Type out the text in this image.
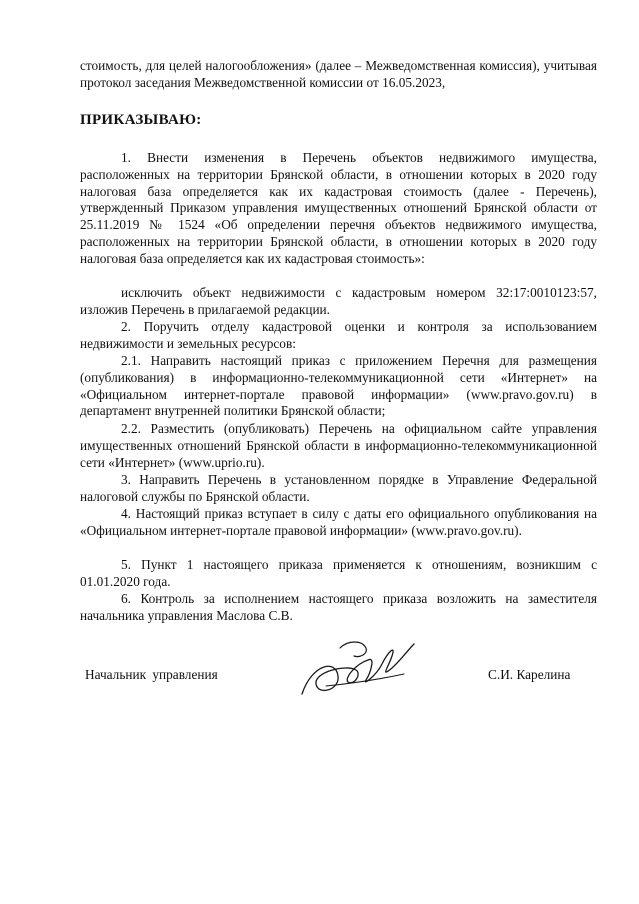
стоимость, для целей налогообложения» (далее – Межведомственная комиссия), учитывая протокол заседания Межведомственной комиссии от 16.05.2023,

ПРИКАЗЫВАЮ:

1. Внести изменения в Перечень объектов недвижимого имущества, расположенных на территории Брянской области, в отношении которых в 2020 году налоговая база определяется как их кадастровая стоимость (далее - Перечень), утвержденный Приказом управления имущественных отношений Брянской области от 25.11.2019 № 1524 «Об определении перечня объектов недвижимого имущества, расположенных на территории Брянской области, в отношении которых в 2020 году налоговая база определяется как их кадастровая стоимость»:

исключить объект недвижимости с кадастровым номером 32:17:0010123:57, изложив Перечень в прилагаемой редакции.

2. Поручить отделу кадастровой оценки и контроля за использованием недвижимости и земельных ресурсов:

2.1. Направить настоящий приказ с приложением Перечня для размещения (опубликования) в информационно-телекоммуникационной сети «Интернет» на «Официальном интернет-портале правовой информации» (www.pravo.gov.ru) в департамент внутренней политики Брянской области;

2.2. Разместить (опубликовать) Перечень на официальном сайте управления имущественных отношений Брянской области в информационно-телекоммуникационной сети «Интернет» (www.uprio.ru).

3. Направить Перечень в установленном порядке в Управление Федеральной налоговой службы по Брянской области.

4. Настоящий приказ вступает в силу с даты его официального опубликования на «Официальном интернет-портале правовой информации» (www.pravo.gov.ru).

5. Пункт 1 настоящего приказа применяется к отношениям, возникшим с 01.01.2020 года.

6. Контроль за исполнением настоящего приказа возложить на заместителя начальника управления Маслова С.В.

Начальник управления	С.И. Карелина
